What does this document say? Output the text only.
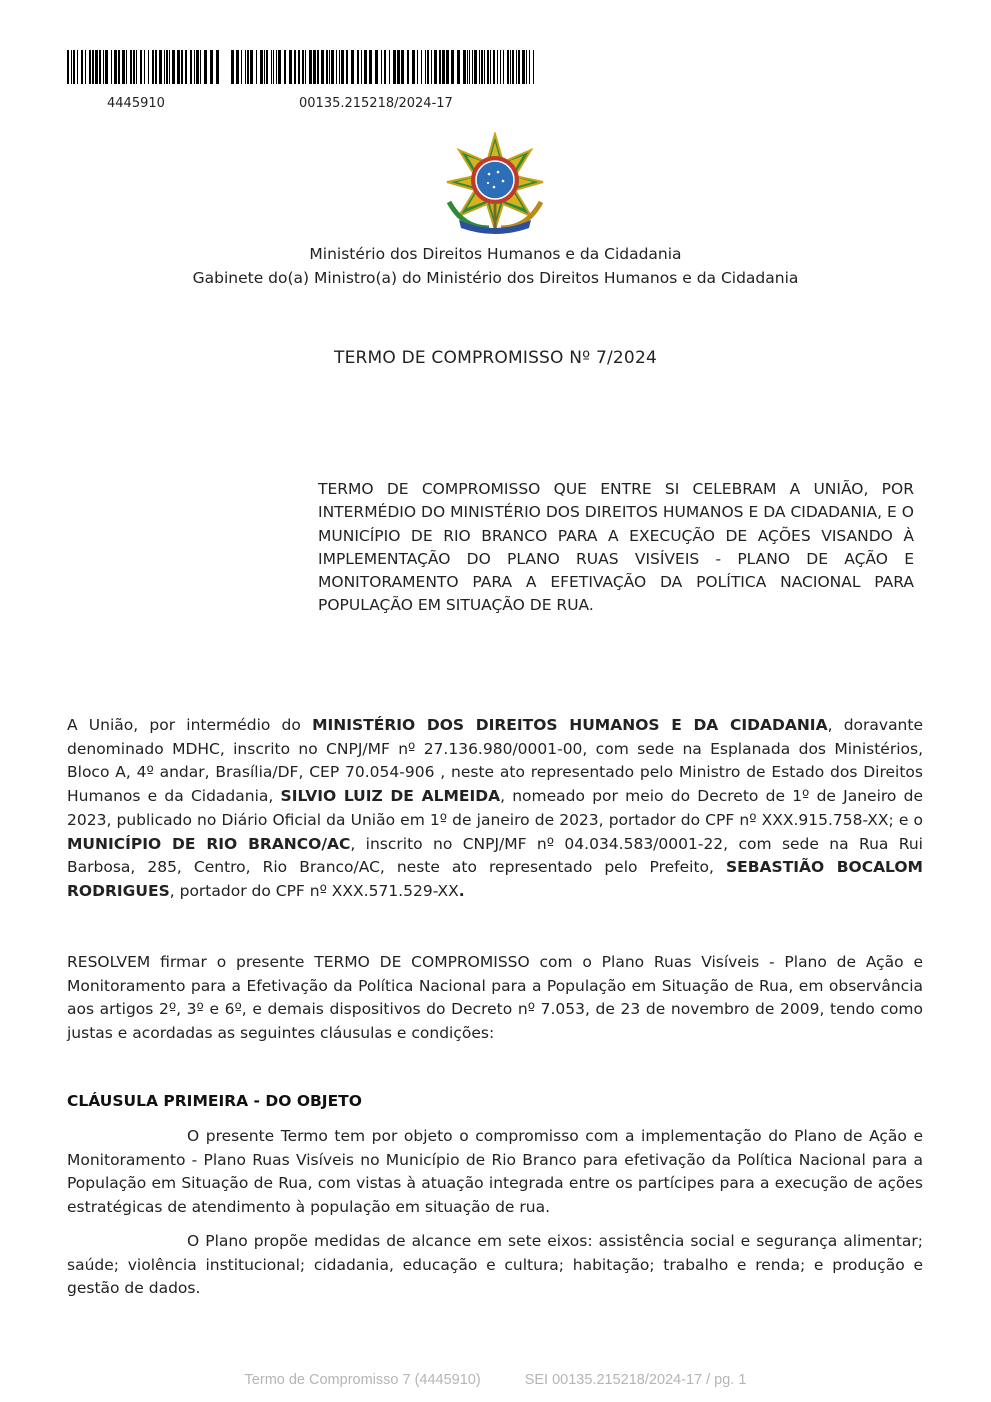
4445910	00135.215218/2024-17
Ministério dos Direitos Humanos e da Cidadania
Gabinete do(a) Ministro(a) do Ministério dos Direitos Humanos e da Cidadania
TERMO DE COMPROMISSO Nº 7/2024
TERMO DE COMPROMISSO QUE ENTRE SI CELEBRAM A UNIÃO, POR INTERMÉDIO DO MINISTÉRIO DOS DIREITOS HUMANOS E DA CIDADANIA, E O MUNICÍPIO DE RIO BRANCO PARA A EXECUÇÃO DE AÇÕES VISANDO À IMPLEMENTAÇÃO DO PLANO RUAS VISÍVEIS - PLANO DE AÇÃO E MONITORAMENTO PARA A EFETIVAÇÃO DA POLÍTICA NACIONAL PARA POPULAÇÃO EM SITUAÇÃO DE RUA.
A União, por intermédio do MINISTÉRIO DOS DIREITOS HUMANOS E DA CIDADANIA, doravante denominado MDHC, inscrito no CNPJ/MF nº 27.136.980/0001-00, com sede na Esplanada dos Ministérios, Bloco A, 4º andar, Brasília/DF, CEP 70.054-906 , neste ato representado pelo Ministro de Estado dos Direitos Humanos e da Cidadania, SILVIO LUIZ DE ALMEIDA, nomeado por meio do Decreto de 1º de Janeiro de 2023, publicado no Diário Oficial da União em 1º de janeiro de 2023, portador do CPF nº XXX.915.758-XX; e o MUNICÍPIO DE RIO BRANCO/AC, inscrito no CNPJ/MF nº 04.034.583/0001-22, com sede na Rua Rui Barbosa, 285, Centro, Rio Branco/AC, neste ato representado pelo Prefeito, SEBASTIÃO BOCALOM RODRIGUES, portador do CPF nº XXX.571.529-XX.
RESOLVEM firmar o presente TERMO DE COMPROMISSO com o Plano Ruas Visíveis - Plano de Ação e Monitoramento para a Efetivação da Política Nacional para a População em Situação de Rua, em observância aos artigos 2º, 3º e 6º, e demais dispositivos do Decreto nº 7.053, de 23 de novembro de 2009, tendo como justas e acordadas as seguintes cláusulas e condições:
CLÁUSULA PRIMEIRA - DO OBJETO
O presente Termo tem por objeto o compromisso com a implementação do Plano de Ação e Monitoramento - Plano Ruas Visíveis no Município de Rio Branco para efetivação da Política Nacional para a População em Situação de Rua, com vistas à atuação integrada entre os partícipes para a execução de ações estratégicas de atendimento à população em situação de rua.
O Plano propõe medidas de alcance em sete eixos: assistência social e segurança alimentar; saúde; violência institucional; cidadania, educação e cultura; habitação; trabalho e renda; e produção e gestão de dados.
Termo de Compromisso 7 (4445910)	SEI 00135.215218/2024-17 / pg. 1
